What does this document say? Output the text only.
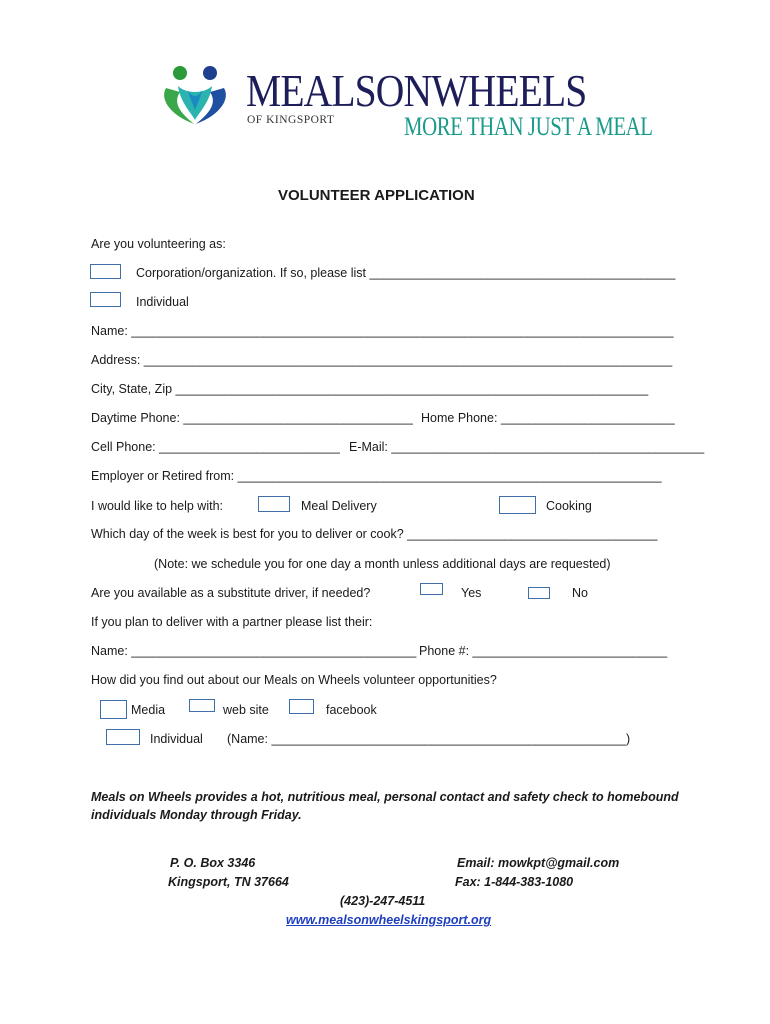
MEALSONWHEELS
OF KINGSPORT	MORE THAN JUST A MEAL
VOLUNTEER APPLICATION
Are you volunteering as:
Corporation/organization. If so, please list ____________________________________________
Individual
Name: ______________________________________________________________________________
Address: ____________________________________________________________________________
City, State, Zip ____________________________________________________________________
Daytime Phone: _________________________________ Home Phone: _________________________
Cell Phone: __________________________ E-Mail: _____________________________________________
Employer or Retired from: _____________________________________________________________
I would like to help with:	Meal Delivery	Cooking
Which day of the week is best for you to deliver or cook? ____________________________________
(Note: we schedule you for one day a month unless additional days are requested)
Are you available as a substitute driver, if needed?	Yes	No
If you plan to deliver with a partner please list their:
Name: _________________________________________ Phone #: ____________________________
How did you find out about our Meals on Wheels volunteer opportunities?
Media	web site	facebook
Individual (Name: ___________________________________________________)
Meals on Wheels provides a hot, nutritious meal, personal contact and safety check to homebound
individuals Monday through Friday.
P. O. Box 3346
Kingsport, TN 37664
Email: mowkpt@gmail.com
Fax: 1-844-383-1080
(423)-247-4511
www.mealsonwheelskingsport.org
